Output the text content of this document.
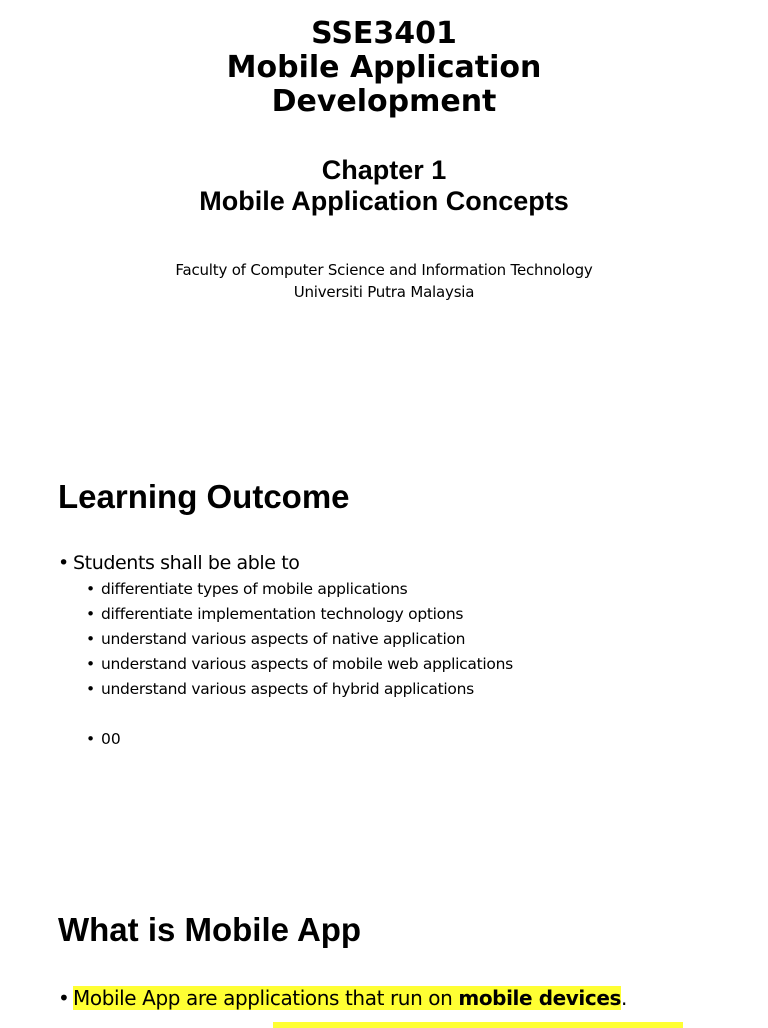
SSE3401
Mobile Application
Development
Chapter 1
Mobile Application Concepts
Faculty of Computer Science and Information Technology
Universiti Putra Malaysia
Learning Outcome
• Students shall be able to
• differentiate types of mobile applications
• differentiate implementation technology options
• understand various aspects of native application
• understand various aspects of mobile web applications
• understand various aspects of hybrid applications
• 00
What is Mobile App
• Mobile App are applications that run on mobile devices.
